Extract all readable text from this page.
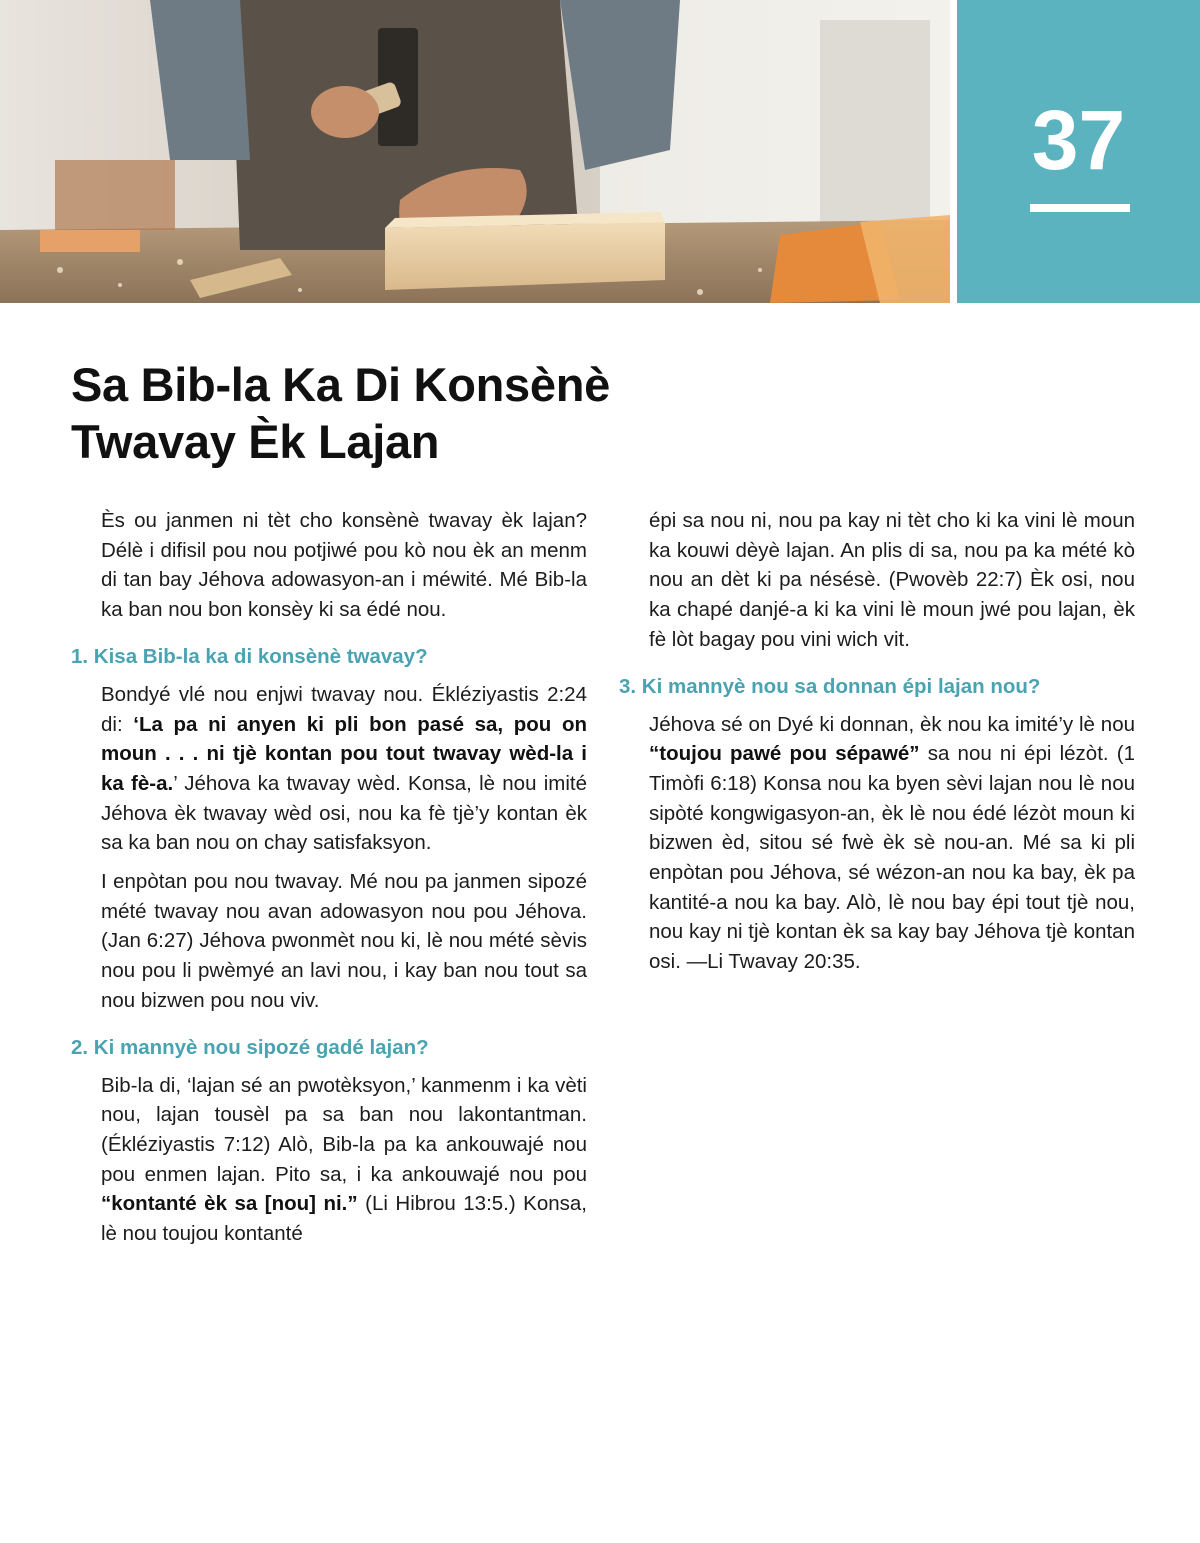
37
Sa Bib-la Ka Di Konsènè
Twavay Èk Lajan

Ès ou janmen ni tèt cho konsènè twavay èk lajan? Délè i difisil pou nou potjiwé pou kò nou èk an menm di tan bay Jéhova adowasyon-an i méwité. Mé Bib-la ka ban nou bon konsèy ki sa édé nou.

1. Kisa Bib-la ka di konsènè twavay?

Bondyé vlé nou enjwi twavay nou. Ékléziyastis 2:24 di: ‘La pa ni anyen ki pli bon pasé sa, pou on moun . . . ni tjè kontan pou tout twavay wèd-la i ka fè-a.’ Jéhova ka twavay wèd. Konsa, lè nou imité Jéhova èk twavay wèd osi, nou ka fè tjè’y kontan èk sa ka ban nou on chay satisfaksyon.

I enpòtan pou nou twavay. Mé nou pa janmen sipozé mété twavay nou avan adowasyon nou pou Jéhova. (Jan 6:27) Jéhova pwonmèt nou ki, lè nou mété sèvis nou pou li pwèmyé an lavi nou, i kay ban nou tout sa nou bizwen pou nou viv.

2. Ki mannyè nou sipozé gadé lajan?

Bib-la di, ‘lajan sé an pwotèksyon,’ kanmenm i ka vèti nou, lajan tousèl pa sa ban nou lakontantman. (Ékléziyastis 7:12) Alò, Bib-la pa ka ankouwajé nou pou enmen lajan. Pito sa, i ka ankouwajé nou pou “kontanté èk sa [nou] ni.” (Li Hibrou 13:5.) Konsa, lè nou toujou kontanté

épi sa nou ni, nou pa kay ni tèt cho ki ka vini lè moun ka kouwi dèyè lajan. An plis di sa, nou pa ka mété kò nou an dèt ki pa nésésè. (Pwovèb 22:7) Èk osi, nou ka chapé danjé-a ki ka vini lè moun jwé pou lajan, èk fè lòt bagay pou vini wich vit.

3. Ki mannyè nou sa donnan épi lajan nou?

Jéhova sé on Dyé ki donnan, èk nou ka imité’y lè nou “toujou pawé pou sépawé” sa nou ni épi lézòt. (1 Timòfi 6:18) Konsa nou ka byen sèvi lajan nou lè nou sipòté kongwigasyon-an, èk lè nou édé lézòt moun ki bizwen èd, sitou sé fwè èk sè nou-an. Mé sa ki pli enpòtan pou Jéhova, sé wézon-an nou ka bay, èk pa kantité-a nou ka bay. Alò, lè nou bay épi tout tjè nou, nou kay ni tjè kontan èk sa kay bay Jéhova tjè kontan osi. —Li Twavay 20:35.
